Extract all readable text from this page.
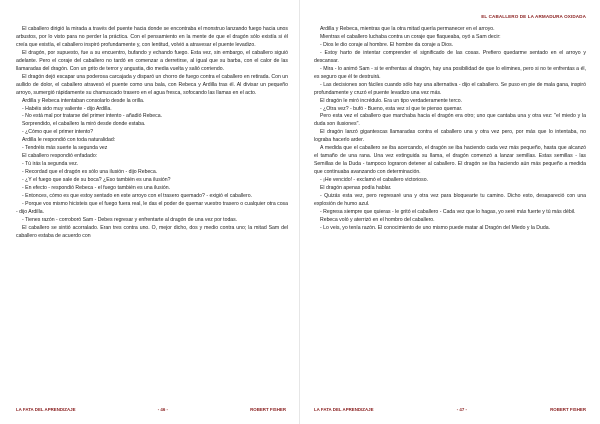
El caballero dirigió la mirada a través del puente hacia donde se encontraba el monstruo lanzando fuego hacia unos arbustos, por lo visto para no perder la práctica. Con el pensamiento en la mente de que el dragón sólo existía si él creía que existía, el caballero inspiró profundamente y, con lentitud, volvió a atravesar el puente levadizo.

El dragón, por supuesto, fue a su encuentro, bufando y echando fuego. Esta vez, sin embargo, el caballero siguió adelante. Pero el coraje del caballero no tardó en comenzar a derretirse, al igual que su barba, con el calor de las llamaradas del dragón. Con un grito de terror y angustia, dio media vuelta y salió corriendo.

El dragón dejó escapar una poderosa carcajada y disparó un chorro de fuego contra el caballero en retirada. Con un aullido de dolor, el caballero atravesó el puente como una bala, con Rebeca y Ardilla tras él. Al divisar un pequeño arroyo, sumergió rápidamente su chamuscado trasero en el agua fresca, sofocando las llamas en el acto.

Ardilla y Rebeca intentaban consolarlo desde la orilla.

- Habéis sido muy valiente - dijo Ardilla.

- No está mal por tratarse del primer intento - añadió Rebeca.

Sorprendido, el caballero la miró desde donde estaba.

- ¿Cómo que el primer intento?

Ardilla le respondió con toda naturalidad:

- Tendréis más suerte la segunda vez

El caballero respondió enfadado:

- Tú irás la segunda vez.

- Recordad que el dragón es sólo una ilusión - dijo Rebeca.

- ¿Y el fuego que sale de su boca? ¿Eso también es una ilusión?

- En efecto - respondió Rebeca - el fuego también es una ilusión.

- Entonces, cómo es que estoy sentado en este arroyo con el trasero quemado? - exigió el caballero.

- Porque vos mismo hicisteis que el fuego fuera real, le das el poder de quemar vuestro trasero o cualquier otra cosa - dijo Ardilla.

- Tienes razón - corroboró Sam - Debes regresar y enfrentarte al dragón de una vez por todas.

El caballero se sintió acorralado. Eran tres contra uno. O, mejor dicho, dos y medio contra uno; la mitad Sam del caballero estaba de acuerdo con

LA FATA DEL APRENDIZAJE	- 46 -	ROBERT FISHER
EL CABALLERO DE LA ARMADURA OXIDADA

Ardilla y Rebeca, mientras que la otra mitad quería permanecer en el arroyo.

Mientras el caballero luchaba contra un coraje que flaqueaba, oyó a Sam decir:

- Dios le dio coraje al hombre. El hombre da coraje a Dios.

- Estoy harto de intentar comprender el significado de las cosas. Prefiero quedarme sentado en el arroyo y descansar.

- Mira - lo animó Sam - si te enfrentas al dragón, hay una posibilidad de que lo elimines, pero si no te enfrentas a él, es seguro que él te destruirá.

- Las decisiones son fáciles cuando sólo hay una alternativa - dijo el caballero. Se puso en pie de mala gana, inspiró profundamente y cruzó el puente levadizo una vez más.

El dragón le miró incrédulo. Era un tipo verdaderamente terco.

- ¿Otra vez? - bufó - Bueno, esta vez sí que te pienso quemar.

Pero esta vez el caballero que marchaba hacia el dragón era otro; uno que cantaba una y otra vez: "el miedo y la duda son ilusiones".

El dragón lanzó gigantescas llamaradas contra el caballero una y otra vez pero, por más que lo intentaba, no lograba hacerlo arder.

A medida que el caballero se iba acercando, el dragón se iba haciendo cada vez más pequeño, hasta que alcanzó el tamaño de una rana. Una vez extinguida su llama, el dragón comenzó a lanzar semillas. Estas semillas - las Semillas de la Duda - tampoco lograron detener al caballero. El dragón se iba haciendo aún más pequeño a medida que continuaba avanzando con determinación.

- ¡He vencido! - exclamó el caballero victorioso.

El dragón apenas podía hablar.

- Quizás esta vez, pero regresaré una y otra vez para bloquearte tu camino. Dicho esto, desapareció con una explosión de humo azul.

- Regresa siempre que quieras - le gritó el caballero - Cada vez que lo hagas, yo seré más fuerte y tú más débil.

Rebeca voló y aterrizó en el hombro del caballero.

- Lo veis, yo tenía razón. El conocimiento de uno mismo puede matar al Dragón del Miedo y la Duda.

LA FATA DEL APRENDIZAJE	- 47 -	ROBERT FISHER
